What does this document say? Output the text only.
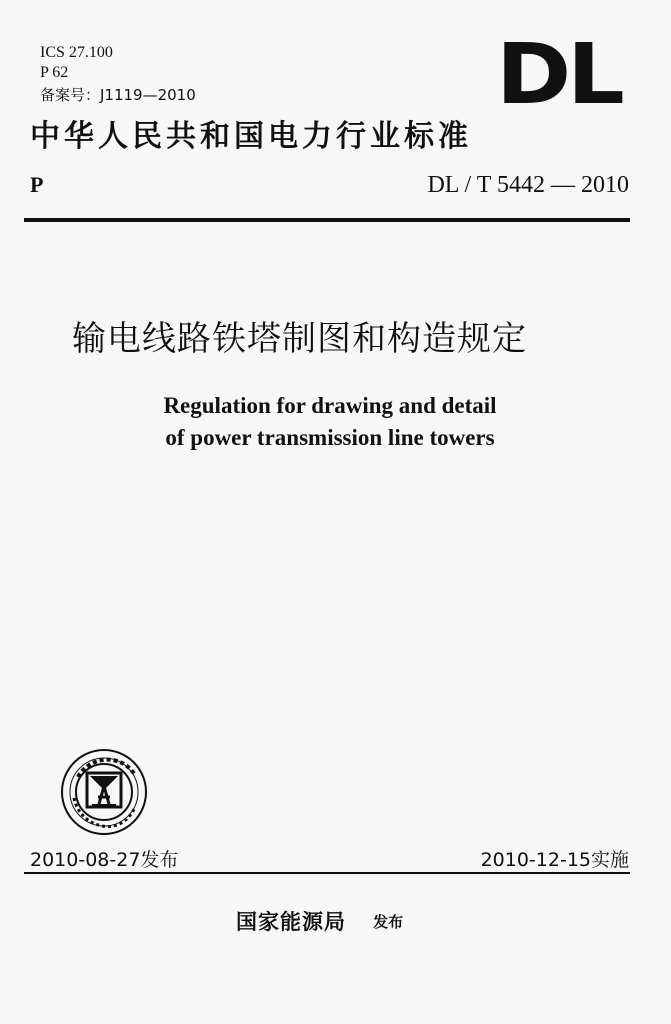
ICS 27.100
P 62
备案号：J1119—2010	DL
中华人民共和国电力行业标准
P	DL / T 5442 — 2010
输电线路铁塔制图和构造规定
Regulation for drawing and detail
of power transmission line towers
2010-08-27发布	2010-12-15实施
国家能源局 发布
